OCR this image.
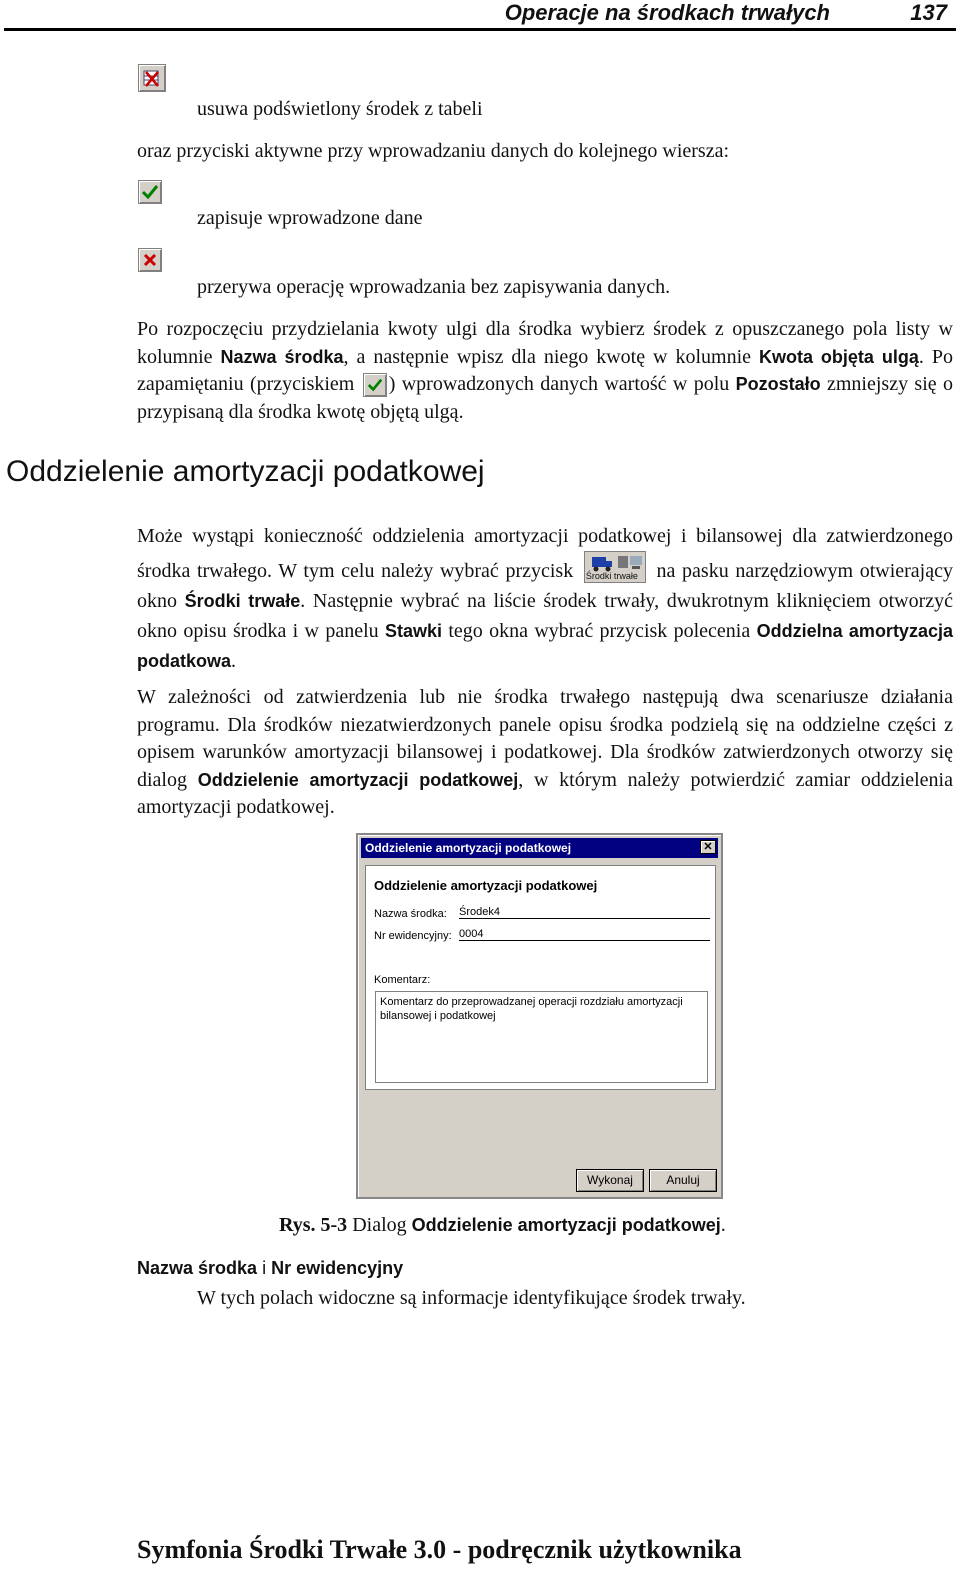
Operacje na środkach trwałych	137
usuwa podświetlony środek z tabeli
oraz przyciski aktywne przy wprowadzaniu danych do kolejnego wiersza:
zapisuje wprowadzone dane
przerywa operację wprowadzania bez zapisywania danych.
Po rozpoczęciu przydzielania kwoty ulgi dla środka wybierz środek z opuszczanego pola listy w kolumnie Nazwa środka, a następnie wpisz dla niego kwotę w kolumnie Kwota objęta ulgą. Po zapamiętaniu (przyciskiem ) wprowadzonych danych wartość w polu Pozostało zmniejszy się o przypisaną dla środka kwotę objętą ulgą.
Oddzielenie amortyzacji podatkowej
Może wystąpi konieczność oddzielenia amortyzacji podatkowej i bilansowej dla zatwierdzonego środka trwałego. W tym celu należy wybrać przycisk Środki trwałe na pasku narzędziowym otwierający okno Środki trwałe. Następnie wybrać na liście środek trwały, dwukrotnym kliknięciem otworzyć okno opisu środka i w panelu Stawki tego okna wybrać przycisk polecenia Oddzielna amortyzacja podatkowa.
W zależności od zatwierdzenia lub nie środka trwałego następują dwa scenariusze działania programu. Dla środków niezatwierdzonych panele opisu środka podzielą się na oddzielne części z opisem warunków amortyzacji bilansowej i podatkowej. Dla środków zatwierdzonych otworzy się dialog Oddzielenie amortyzacji podatkowej, w którym należy potwierdzić zamiar oddzielenia amortyzacji podatkowej.
Oddzielenie amortyzacji podatkowej	✕
Oddzielenie amortyzacji podatkowej
Nazwa środka: Środek4
Nr ewidencyjny: 0004
Komentarz:
Komentarz do przeprowadzanej operacji rozdziału amortyzacji bilansowej i podatkowej
Wykonaj	Anuluj
Rys. 5-3 Dialog Oddzielenie amortyzacji podatkowej.
Nazwa środka i Nr ewidencyjny
W tych polach widoczne są informacje identyfikujące środek trwały.
Symfonia Środki Trwałe 3.0 - podręcznik użytkownika
